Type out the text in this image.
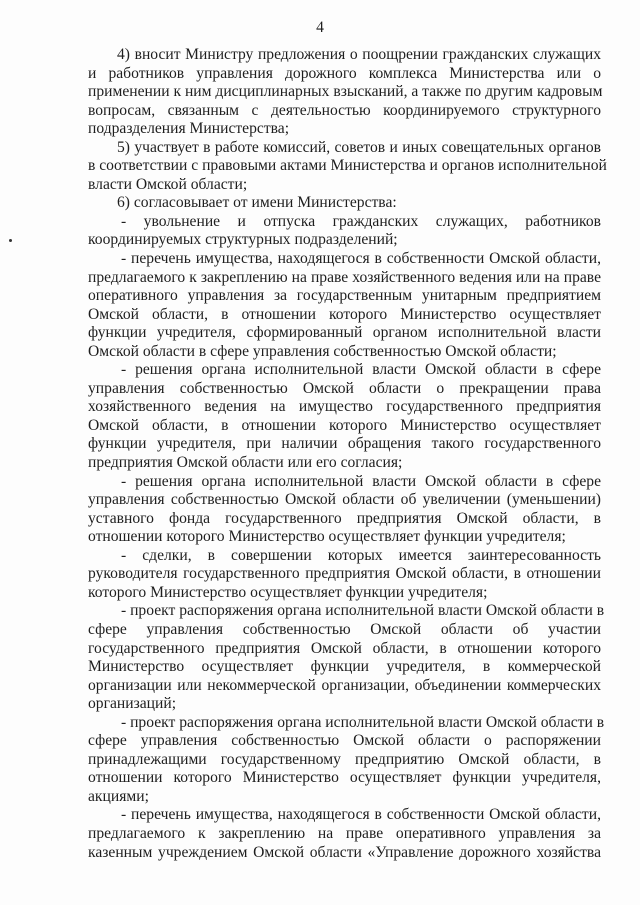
4

4) вносит Министру предложения о поощрении гражданских служащих
и работников управления дорожного комплекса Министерства или о
применении к ним дисциплинарных взысканий, а также по другим кадровым
вопросам, связанным с деятельностью координируемого структурного
подразделения Министерства;

5) участвует в работе комиссий, советов и иных совещательных органов
в соответствии с правовыми актами Министерства и органов исполнительной
власти Омской области;

6) согласовывает от имени Министерства:

- увольнение и отпуска гражданских служащих, работников
координируемых структурных подразделений;

- перечень имущества, находящегося в собственности Омской области,
предлагаемого к закреплению на праве хозяйственного ведения или на праве
оперативного управления за государственным унитарным предприятием
Омской области, в отношении которого Министерство осуществляет
функции учредителя, сформированный органом исполнительной власти
Омской области в сфере управления собственностью Омской области;

- решения органа исполнительной власти Омской области в сфере
управления собственностью Омской области о прекращении права
хозяйственного ведения на имущество государственного предприятия
Омской области, в отношении которого Министерство осуществляет
функции учредителя, при наличии обращения такого государственного
предприятия Омской области или его согласия;

- решения органа исполнительной власти Омской области в сфере
управления собственностью Омской области об увеличении (уменьшении)
уставного фонда государственного предприятия Омской области, в
отношении которого Министерство осуществляет функции учредителя;

- сделки, в совершении которых имеется заинтересованность
руководителя государственного предприятия Омской области, в отношении
которого Министерство осуществляет функции учредителя;

- проект распоряжения органа исполнительной власти Омской области в
сфере управления собственностью Омской области об участии
государственного предприятия Омской области, в отношении которого
Министерство осуществляет функции учредителя, в коммерческой
организации или некоммерческой организации, объединении коммерческих
организаций;

- проект распоряжения органа исполнительной власти Омской области в
сфере управления собственностью Омской области о распоряжении
принадлежащими государственному предприятию Омской области, в
отношении которого Министерство осуществляет функции учредителя,
акциями;

- перечень имущества, находящегося в собственности Омской области,
предлагаемого к закреплению на праве оперативного управления за
казенным учреждением Омской области «Управление дорожного хозяйства
